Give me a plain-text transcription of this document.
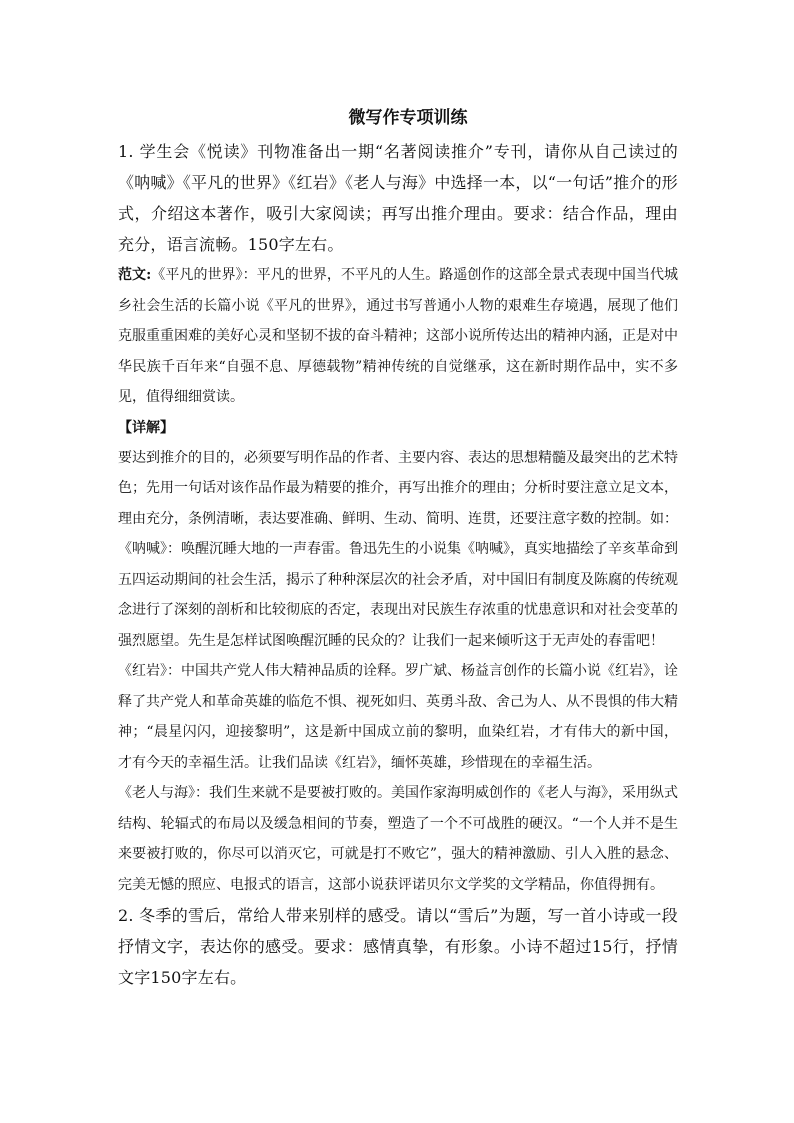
微写作专项训练
1. 学生会《悦读》刊物准备出一期“名著阅读推介”专刊，请你从自己读过的《呐喊》《平凡的世界》《红岩》《老人与海》中选择一本，以“一句话”推介的形式，介绍这本著作，吸引大家阅读；再写出推介理由。要求：结合作品，理由充分，语言流畅。150字左右。
范文:《平凡的世界》：平凡的世界，不平凡的人生。路遥创作的这部全景式表现中国当代城乡社会生活的长篇小说《平凡的世界》，通过书写普通小人物的艰难生存境遇，展现了他们克服重重困难的美好心灵和坚韧不拔的奋斗精神；这部小说所传达出的精神内涵，正是对中华民族千百年来“自强不息、厚德载物”精神传统的自觉继承，这在新时期作品中，实不多见，值得细细赏读。
【详解】
要达到推介的目的，必须要写明作品的作者、主要内容、表达的思想精髓及最突出的艺术特色；先用一句话对该作品作最为精要的推介，再写出推介的理由；分析时要注意立足文本，理由充分，条例清晰，表达要准确、鲜明、生动、简明、连贯，还要注意字数的控制。如：
《呐喊》：唤醒沉睡大地的一声春雷。鲁迅先生的小说集《呐喊》，真实地描绘了辛亥革命到五四运动期间的社会生活，揭示了种种深层次的社会矛盾，对中国旧有制度及陈腐的传统观念进行了深刻的剖析和比较彻底的否定，表现出对民族生存浓重的忧患意识和对社会变革的强烈愿望。先生是怎样试图唤醒沉睡的民众的？让我们一起来倾听这于无声处的春雷吧！
《红岩》：中国共产党人伟大精神品质的诠释。罗广斌、杨益言创作的长篇小说《红岩》，诠释了共产党人和革命英雄的临危不惧、视死如归、英勇斗敌、舍己为人、从不畏惧的伟大精神；“晨星闪闪，迎接黎明”，这是新中国成立前的黎明，血染红岩，才有伟大的新中国，才有今天的幸福生活。让我们品读《红岩》，缅怀英雄，珍惜现在的幸福生活。
《老人与海》：我们生来就不是要被打败的。美国作家海明威创作的《老人与海》，采用纵式结构、轮辐式的布局以及缓急相间的节奏，塑造了一个不可战胜的硬汉。“一个人并不是生来要被打败的，你尽可以消灭它，可就是打不败它”，强大的精神激励、引人入胜的悬念、完美无憾的照应、电报式的语言，这部小说获评诺贝尔文学奖的文学精品，你值得拥有。
2. 冬季的雪后，常给人带来别样的感受。请以“雪后”为题，写一首小诗或一段抒情文字，表达你的感受。要求：感情真挚，有形象。小诗不超过15行，抒情文字150字左右。
